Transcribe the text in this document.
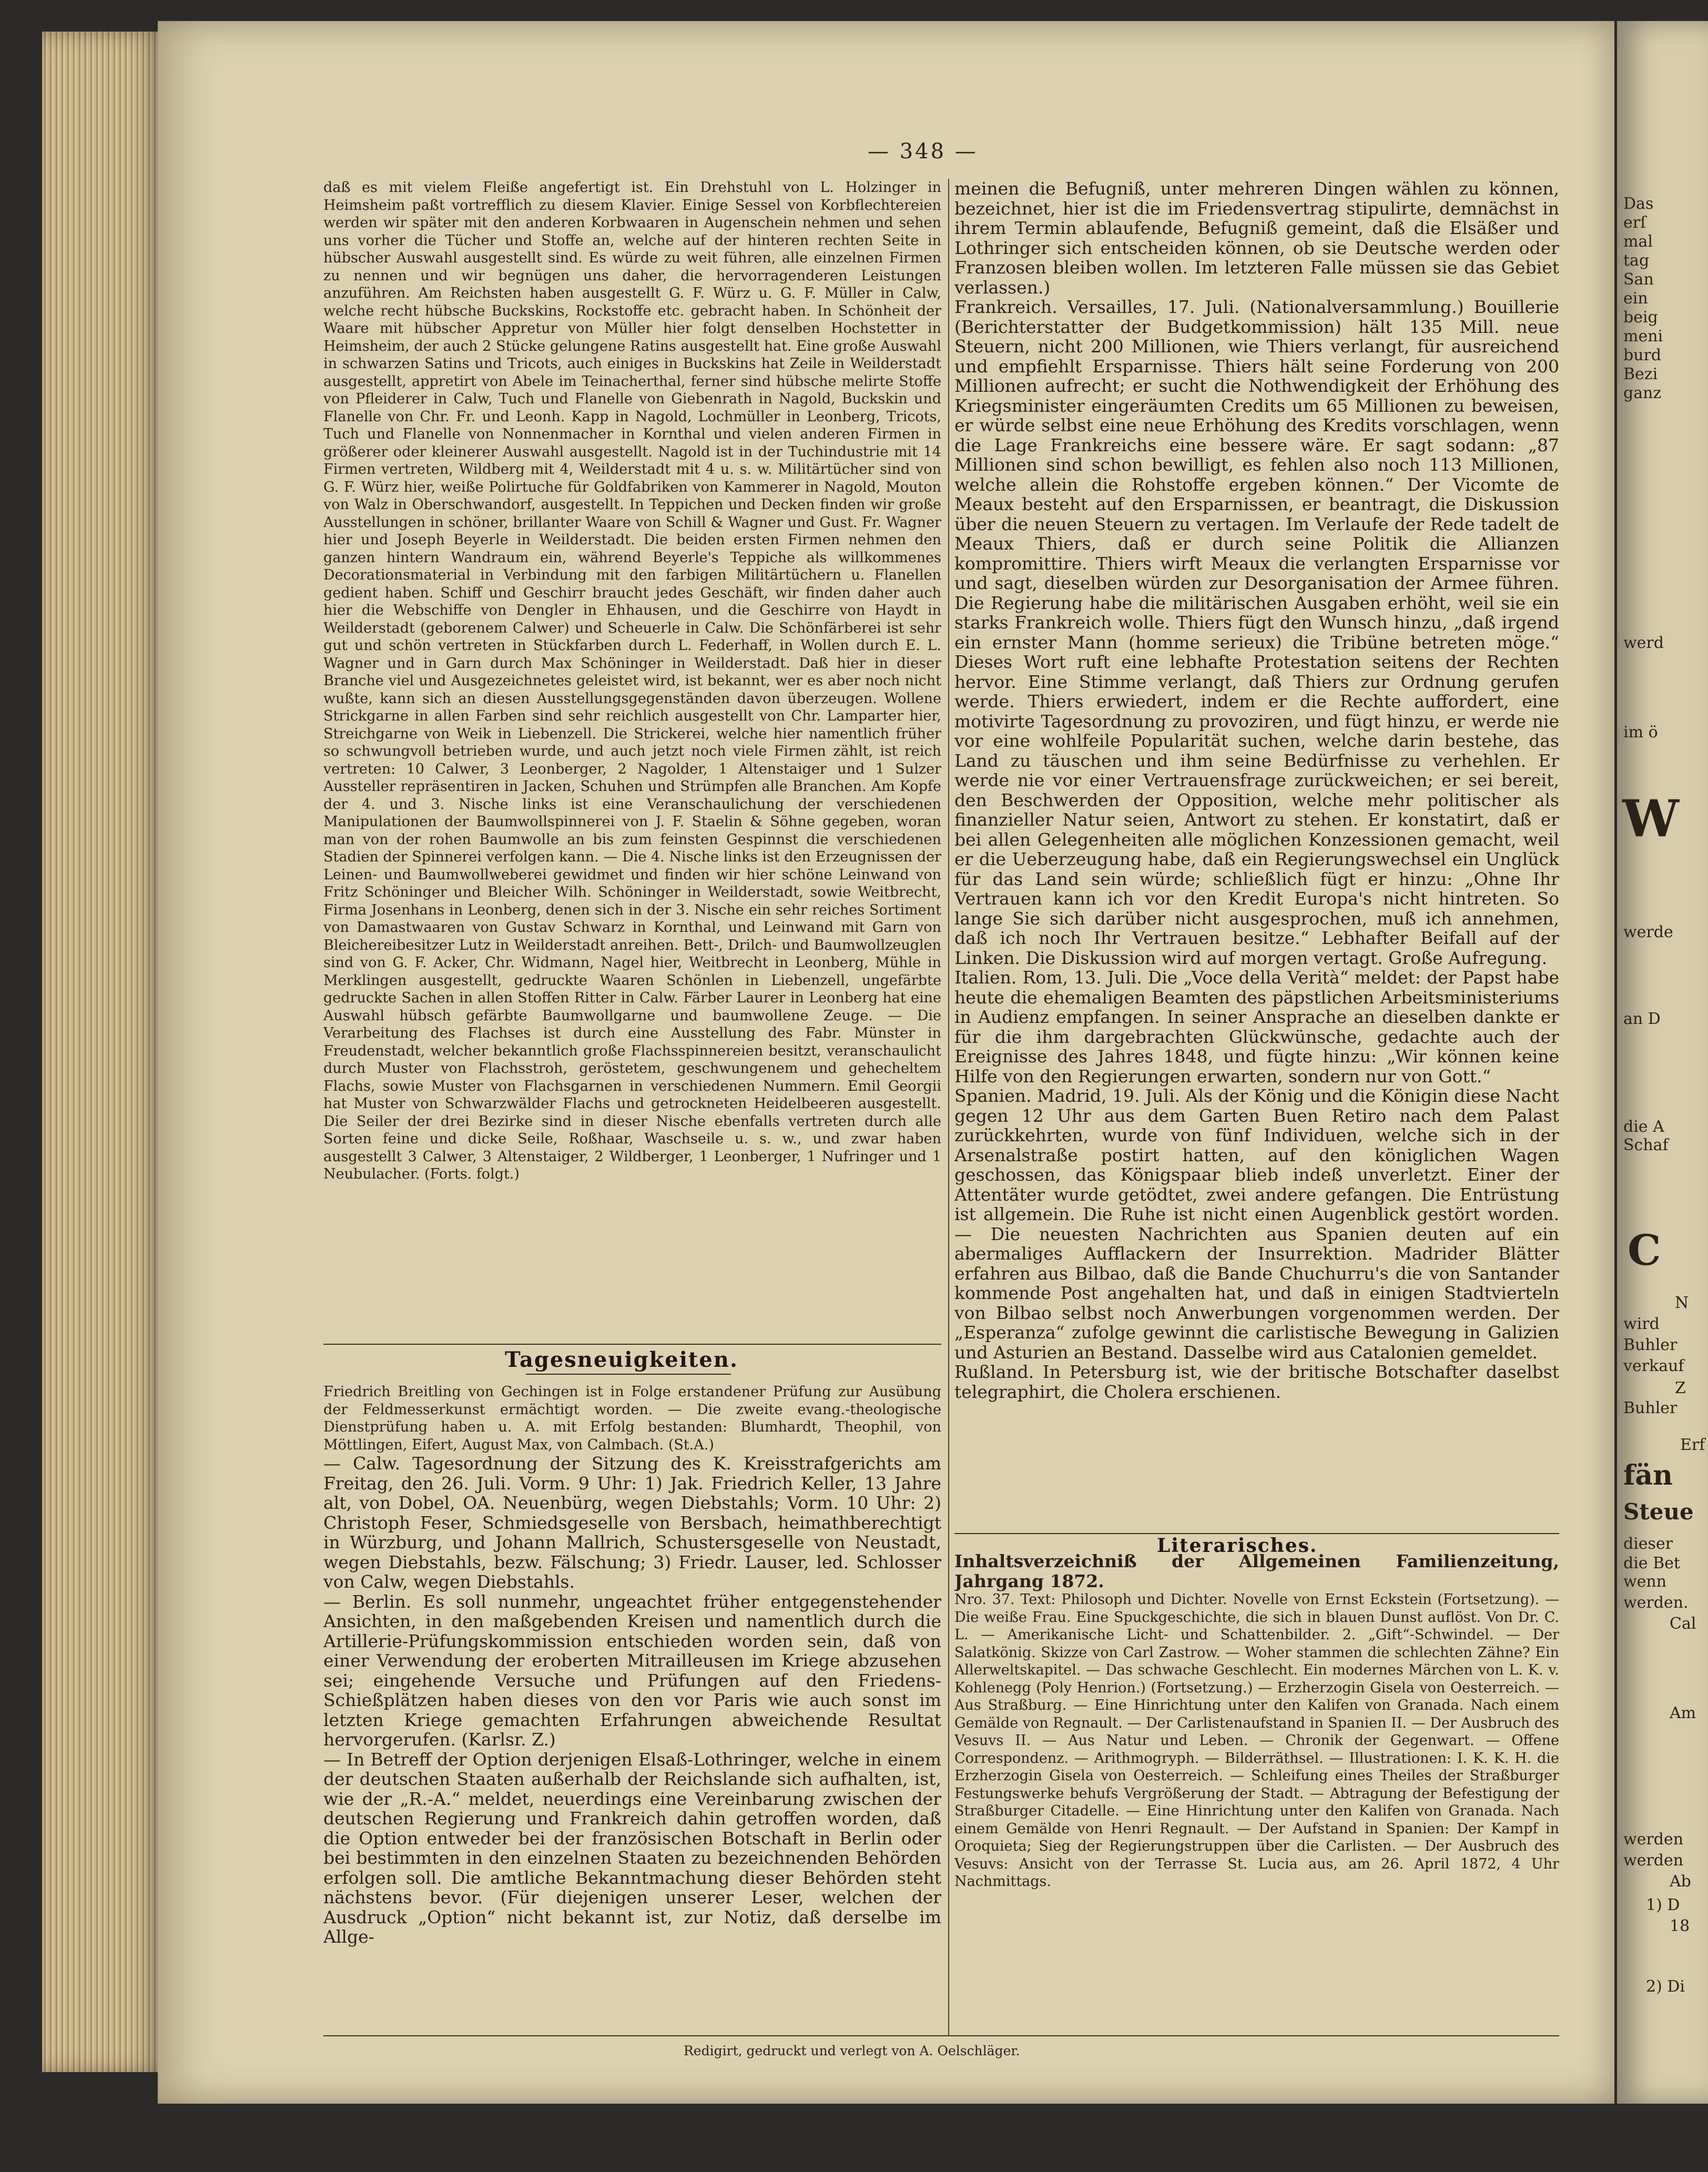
— 348 —

daß es mit vielem Fleiße angefertigt ist. Ein Drehstuhl von L. Holzinger in Heimsheim paßt vortrefflich zu diesem Klavier. Einige Sessel von Korbflechtereien werden wir später mit den anderen Korbwaaren in Augenschein nehmen und sehen uns vorher die Tücher und Stoffe an, welche auf der hinteren rechten Seite in hübscher Auswahl ausgestellt sind. Es würde zu weit führen, alle einzelnen Firmen zu nennen und wir begnügen uns daher, die hervorragenderen Leistungen anzuführen. Am Reichsten haben ausgestellt G. F. Würz u. G. F. Müller in Calw, welche recht hübsche Buckskins, Rockstoffe etc. gebracht haben. In Schönheit der Waare mit hübscher Appretur von Müller hier folgt denselben Hochstetter in Heimsheim, der auch 2 Stücke gelungene Ratins ausgestellt hat. Eine große Auswahl in schwarzen Satins und Tricots, auch einiges in Buckskins hat Zeile in Weilderstadt ausgestellt, appretirt von Abele im Teinacherthal, ferner sind hübsche melirte Stoffe von Pfleiderer in Calw, Tuch und Flanelle von Giebenrath in Nagold, Buckskin und Flanelle von Chr. Fr. und Leonh. Kapp in Nagold, Lochmüller in Leonberg, Tricots, Tuch und Flanelle von Nonnenmacher in Kornthal und vielen anderen Firmen in größerer oder kleinerer Auswahl ausgestellt. Nagold ist in der Tuchindustrie mit 14 Firmen vertreten, Wildberg mit 4, Weilderstadt mit 4 u. s. w. Militärtücher sind von G. F. Würz hier, weiße Polirtuche für Goldfabriken von Kammerer in Nagold, Mouton von Walz in Oberschwandorf, ausgestellt. In Teppichen und Decken finden wir große Ausstellungen in schöner, brillanter Waare von Schill & Wagner und Gust. Fr. Wagner hier und Joseph Beyerle in Weilderstadt. Die beiden ersten Firmen nehmen den ganzen hintern Wandraum ein, während Beyerle's Teppiche als willkommenes Decorationsmaterial in Verbindung mit den farbigen Militärtüchern u. Flanellen gedient haben. Schiff und Geschirr braucht jedes Geschäft, wir finden daher auch hier die Webschiffe von Dengler in Ehhausen, und die Geschirre von Haydt in Weilderstadt (geborenem Calwer) und Scheuerle in Calw. Die Schönfärberei ist sehr gut und schön vertreten in Stückfarben durch L. Federhaff, in Wollen durch E. L. Wagner und in Garn durch Max Schöninger in Weilderstadt. Daß hier in dieser Branche viel und Ausgezeichnetes geleistet wird, ist bekannt, wer es aber noch nicht wußte, kann sich an diesen Ausstellungsgegenständen davon überzeugen. Wollene Strickgarne in allen Farben sind sehr reichlich ausgestellt von Chr. Lamparter hier, Streichgarne von Weik in Liebenzell. Die Strickerei, welche hier namentlich früher so schwungvoll betrieben wurde, und auch jetzt noch viele Firmen zählt, ist reich vertreten: 10 Calwer, 3 Leonberger, 2 Nagolder, 1 Altenstaiger und 1 Sulzer Aussteller repräsentiren in Jacken, Schuhen und Strümpfen alle Branchen. Am Kopfe der 4. und 3. Nische links ist eine Veranschaulichung der verschiedenen Manipulationen der Baumwollspinnerei von J. F. Staelin & Söhne gegeben, woran man von der rohen Baumwolle an bis zum feinsten Gespinnst die verschiedenen Stadien der Spinnerei verfolgen kann. — Die 4. Nische links ist den Erzeugnissen der Leinen- und Baumwollweberei gewidmet und finden wir hier schöne Leinwand von Fritz Schöninger und Bleicher Wilh. Schöninger in Weilderstadt, sowie Weitbrecht, Firma Josenhans in Leonberg, denen sich in der 3. Nische ein sehr reiches Sortiment von Damastwaaren von Gustav Schwarz in Kornthal, und Leinwand mit Garn von Bleichereibesitzer Lutz in Weilderstadt anreihen. Bett-, Drilch- und Baumwollzeuglen sind von G. F. Acker, Chr. Widmann, Nagel hier, Weitbrecht in Leonberg, Mühle in Merklingen ausgestellt, gedruckte Waaren Schönlen in Liebenzell, ungefärbte gedruckte Sachen in allen Stoffen Ritter in Calw. Färber Laurer in Leonberg hat eine Auswahl hübsch gefärbte Baumwollgarne und baumwollene Zeuge. — Die Verarbeitung des Flachses ist durch eine Ausstellung des Fabr. Münster in Freudenstadt, welcher bekanntlich große Flachsspinnereien besitzt, veranschaulicht durch Muster von Flachsstroh, geröstetem, geschwungenem und gehecheltem Flachs, sowie Muster von Flachsgarnen in verschiedenen Nummern. Emil Georgii hat Muster von Schwarzwälder Flachs und getrockneten Heidelbeeren ausgestellt. Die Seiler der drei Bezirke sind in dieser Nische ebenfalls vertreten durch alle Sorten feine und dicke Seile, Roßhaar, Waschseile u. s. w., und zwar haben ausgestellt 3 Calwer, 3 Altenstaiger, 2 Wildberger, 1 Leonberger, 1 Nufringer und 1 Neubulacher. (Forts. folgt.)

Tagesneuigkeiten.

Friedrich Breitling von Gechingen ist in Folge erstandener Prüfung zur Ausübung der Feldmesserkunst ermächtigt worden. — Die zweite evang.-theologische Dienstprüfung haben u. A. mit Erfolg bestanden: Blumhardt, Theophil, von Möttlingen, Eifert, August Max, von Calmbach. (St.A.)

— Calw. Tagesordnung der Sitzung des K. Kreisstrafgerichts am Freitag, den 26. Juli. Vorm. 9 Uhr: 1) Jak. Friedrich Keller, 13 Jahre alt, von Dobel, OA. Neuenbürg, wegen Diebstahls; Vorm. 10 Uhr: 2) Christoph Feser, Schmiedsgeselle von Bersbach, heimathberechtigt in Würzburg, und Johann Mallrich, Schustersgeselle von Neustadt, wegen Diebstahls, bezw. Fälschung; 3) Friedr. Lauser, led. Schlosser von Calw, wegen Diebstahls.

— Berlin. Es soll nunmehr, ungeachtet früher entgegenstehender Ansichten, in den maßgebenden Kreisen und namentlich durch die Artillerie-Prüfungskommission entschieden worden sein, daß von einer Verwendung der eroberten Mitrailleusen im Kriege abzusehen sei; eingehende Versuche und Prüfungen auf den Friedens-Schießplätzen haben dieses von den vor Paris wie auch sonst im letzten Kriege gemachten Erfahrungen abweichende Resultat hervorgerufen. (Karlsr. Z.)

— In Betreff der Option derjenigen Elsaß-Lothringer, welche in einem der deutschen Staaten außerhalb der Reichslande sich aufhalten, ist, wie der „R.-A.“ meldet, neuerdings eine Vereinbarung zwischen der deutschen Regierung und Frankreich dahin getroffen worden, daß die Option entweder bei der französischen Botschaft in Berlin oder bei bestimmten in den einzelnen Staaten zu bezeichnenden Behörden erfolgen soll. Die amtliche Bekanntmachung dieser Behörden steht nächstens bevor. (Für diejenigen unserer Leser, welchen der Ausdruck „Option“ nicht bekannt ist, zur Notiz, daß derselbe im Allge-

meinen die Befugniß, unter mehreren Dingen wählen zu können, bezeichnet, hier ist die im Friedensvertrag stipulirte, demnächst in ihrem Termin ablaufende, Befugniß gemeint, daß die Elsäßer und Lothringer sich entscheiden können, ob sie Deutsche werden oder Franzosen bleiben wollen. Im letzteren Falle müssen sie das Gebiet verlassen.)

Frankreich. Versailles, 17. Juli. (Nationalversammlung.) Bouillerie (Berichterstatter der Budgetkommission) hält 135 Mill. neue Steuern, nicht 200 Millionen, wie Thiers verlangt, für ausreichend und empfiehlt Ersparnisse. Thiers hält seine Forderung von 200 Millionen aufrecht; er sucht die Nothwendigkeit der Erhöhung des Kriegsminister eingeräumten Credits um 65 Millionen zu beweisen, er würde selbst eine neue Erhöhung des Kredits vorschlagen, wenn die Lage Frankreichs eine bessere wäre. Er sagt sodann: „87 Millionen sind schon bewilligt, es fehlen also noch 113 Millionen, welche allein die Rohstoffe ergeben können.“ Der Vicomte de Meaux besteht auf den Ersparnissen, er beantragt, die Diskussion über die neuen Steuern zu vertagen. Im Verlaufe der Rede tadelt de Meaux Thiers, daß er durch seine Politik die Allianzen kompromittire. Thiers wirft Meaux die verlangten Ersparnisse vor und sagt, dieselben würden zur Desorganisation der Armee führen. Die Regierung habe die militärischen Ausgaben erhöht, weil sie ein starks Frankreich wolle. Thiers fügt den Wunsch hinzu, „daß irgend ein ernster Mann (homme serieux) die Tribüne betreten möge.“ Dieses Wort ruft eine lebhafte Protestation seitens der Rechten hervor. Eine Stimme verlangt, daß Thiers zur Ordnung gerufen werde. Thiers erwiedert, indem er die Rechte auffordert, eine motivirte Tagesordnung zu provoziren, und fügt hinzu, er werde nie vor eine wohlfeile Popularität suchen, welche darin bestehe, das Land zu täuschen und ihm seine Bedürfnisse zu verhehlen. Er werde nie vor einer Vertrauensfrage zurückweichen; er sei bereit, den Beschwerden der Opposition, welche mehr politischer als finanzieller Natur seien, Antwort zu stehen. Er konstatirt, daß er bei allen Gelegenheiten alle möglichen Konzessionen gemacht, weil er die Ueberzeugung habe, daß ein Regierungswechsel ein Unglück für das Land sein würde; schließlich fügt er hinzu: „Ohne Ihr Vertrauen kann ich vor den Kredit Europa's nicht hintreten. So lange Sie sich darüber nicht ausgesprochen, muß ich annehmen, daß ich noch Ihr Vertrauen besitze.“ Lebhafter Beifall auf der Linken. Die Diskussion wird auf morgen vertagt. Große Aufregung.

Italien. Rom, 13. Juli. Die „Voce della Verità“ meldet: der Papst habe heute die ehemaligen Beamten des päpstlichen Arbeitsministeriums in Audienz empfangen. In seiner Ansprache an dieselben dankte er für die ihm dargebrachten Glückwünsche, gedachte auch der Ereignisse des Jahres 1848, und fügte hinzu: „Wir können keine Hilfe von den Regierungen erwarten, sondern nur von Gott.“

Spanien. Madrid, 19. Juli. Als der König und die Königin diese Nacht gegen 12 Uhr aus dem Garten Buen Retiro nach dem Palast zurückkehrten, wurde von fünf Individuen, welche sich in der Arsenalstraße postirt hatten, auf den königlichen Wagen geschossen, das Königspaar blieb indeß unverletzt. Einer der Attentäter wurde getödtet, zwei andere gefangen. Die Entrüstung ist allgemein. Die Ruhe ist nicht einen Augenblick gestört worden. — Die neuesten Nachrichten aus Spanien deuten auf ein abermaliges Aufflackern der Insurrektion. Madrider Blätter erfahren aus Bilbao, daß die Bande Chuchurru's die von Santander kommende Post angehalten hat, und daß in einigen Stadtvierteln von Bilbao selbst noch Anwerbungen vorgenommen werden. Der „Esperanza“ zufolge gewinnt die carlistische Bewegung in Galizien und Asturien an Bestand. Dasselbe wird aus Catalonien gemeldet.

Rußland. In Petersburg ist, wie der britische Botschafter daselbst telegraphirt, die Cholera erschienen.

Literarisches.

Inhaltsverzeichniß der Allgemeinen Familienzeitung, Jahrgang 1872.

Nro. 37. Text: Philosoph und Dichter. Novelle von Ernst Eckstein (Fortsetzung). — Die weiße Frau. Eine Spuckgeschichte, die sich in blauen Dunst auflöst. Von Dr. C. L. — Amerikanische Licht- und Schattenbilder. 2. „Gift“-Schwindel. — Der Salatkönig. Skizze von Carl Zastrow. — Woher stammen die schlechten Zähne? Ein Allerweltskapitel. — Das schwache Geschlecht. Ein modernes Märchen von L. K. v. Kohlenegg (Poly Henrion.) (Fortsetzung.) — Erzherzogin Gisela von Oesterreich. — Aus Straßburg. — Eine Hinrichtung unter den Kalifen von Granada. Nach einem Gemälde von Regnault. — Der Carlistenaufstand in Spanien II. — Der Ausbruch des Vesuvs II. — Aus Natur und Leben. — Chronik der Gegenwart. — Offene Correspondenz. — Arithmogryph. — Bilderräthsel. — Illustrationen: I. K. K. H. die Erzherzogin Gisela von Oesterreich. — Schleifung eines Theiles der Straßburger Festungswerke behufs Vergrößerung der Stadt. — Abtragung der Befestigung der Straßburger Citadelle. — Eine Hinrichtung unter den Kalifen von Granada. Nach einem Gemälde von Henri Regnault. — Der Aufstand in Spanien: Der Kampf in Oroquieta; Sieg der Regierungstruppen über die Carlisten. — Der Ausbruch des Vesuvs: Ansicht von der Terrasse St. Lucia aus, am 26. April 1872, 4 Uhr Nachmittags.

Redigirt, gedruckt und verlegt von A. Oelschläger.
Das
erſ
mal
tag
San
ein
beig
meni
burd
Bezi
ganz
werd
im ö
W
werde
an D
die A
Schaf
C
N
wird
Buhler
verkauf
Z
Buhler
Erf
fän
Steue
dieser
die Bet
wenn
werden.
Cal
Am
werden
werden
Ab
1) D
18
2) Di
